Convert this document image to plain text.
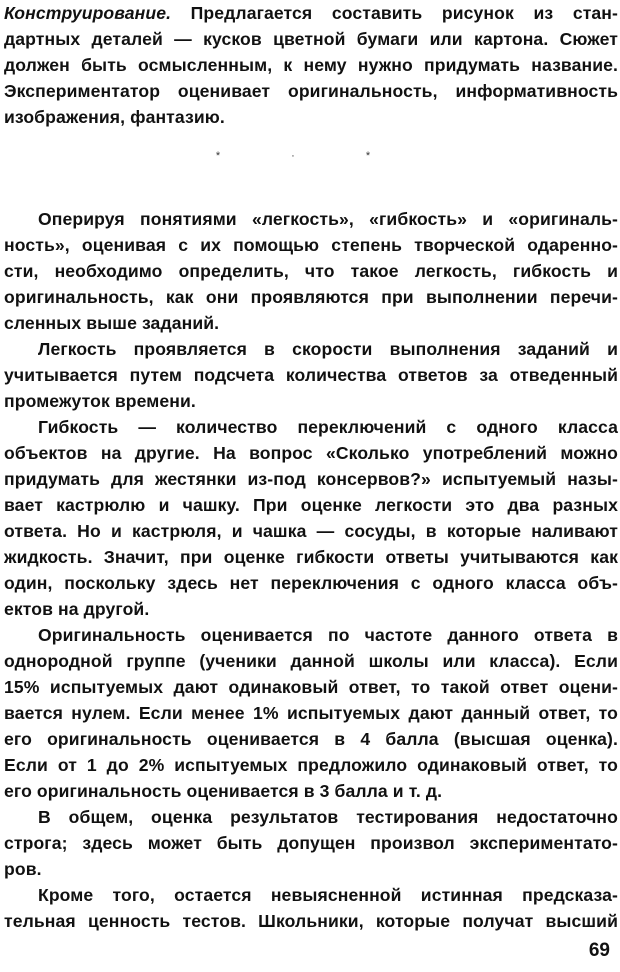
Конструирование. Предлагается составить рисунок из стан-
дартных деталей — кусков цветной бумаги или картона. Сюжет
должен быть осмысленным, к нему нужно придумать название.
Экспериментатор оценивает оригинальность, информативность
изображения, фантазию.
* · *
Оперируя понятиями «легкость», «гибкость» и «оригиналь-
ность», оценивая с их помощью степень творческой одаренно-
сти, необходимо определить, что такое легкость, гибкость и
оригинальность, как они проявляются при выполнении перечи-
сленных выше заданий.
Легкость проявляется в скорости выполнения заданий и
учитывается путем подсчета количества ответов за отведенный
промежуток времени.
Гибкость — количество переключений с одного класса
объектов на другие. На вопрос «Сколько употреблений можно
придумать для жестянки из-под консервов?» испытуемый назы-
вает кастрюлю и чашку. При оценке легкости это два разных
ответа. Но и кастрюля, и чашка — сосуды, в которые наливают
жидкость. Значит, при оценке гибкости ответы учитываются как
один, поскольку здесь нет переключения с одного класса объ-
ектов на другой.
Оригинальность оценивается по частоте данного ответа в
однородной группе (ученики данной школы или класса). Если
15% испытуемых дают одинаковый ответ, то такой ответ оцени-
вается нулем. Если менее 1% испытуемых дают данный ответ, то
его оригинальность оценивается в 4 балла (высшая оценка).
Если от 1 до 2% испытуемых предложило одинаковый ответ, то
его оригинальность оценивается в 3 балла и т. д.
В общем, оценка результатов тестирования недостаточно
строга; здесь может быть допущен произвол экспериментато-
ров.
Кроме того, остается невыясненной истинная предсказа-
тельная ценность тестов. Школьники, которые получат высший
69
